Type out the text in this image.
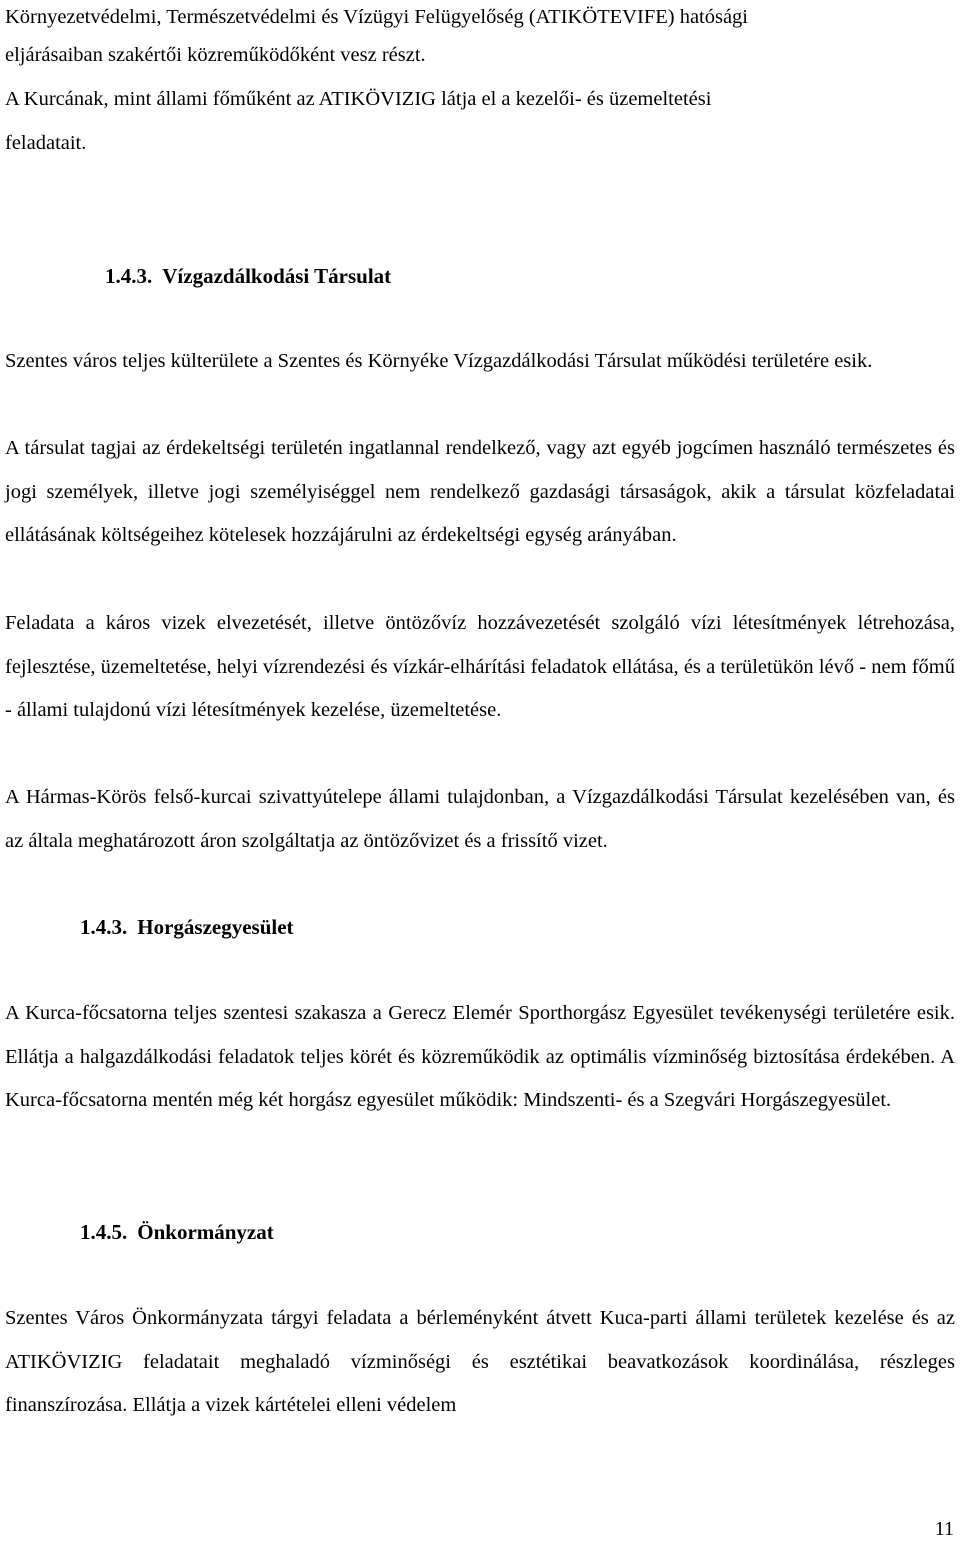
Környezetvédelmi, Természetvédelmi és Vízügyi Felügyelőség (ATIKÖTEVIFE) hatósági

eljárásaiban szakértői közreműködőként vesz részt.

A Kurcának, mint állami főműként az ATIKÖVIZIG látja el a kezelői- és üzemeltetési

feladatait.

1.4.3. Vízgazdálkodási Társulat

Szentes város teljes külterülete a Szentes és Környéke Vízgazdálkodási Társulat működési területére esik.

A társulat tagjai az érdekeltségi területén ingatlannal rendelkező, vagy azt egyéb jogcímen használó természetes és jogi személyek, illetve jogi személyiséggel nem rendelkező gazdasági társaságok, akik a társulat közfeladatai ellátásának költségeihez kötelesek hozzájárulni az érdekeltségi egység arányában.

Feladata a káros vizek elvezetését, illetve öntözővíz hozzávezetését szolgáló vízi létesítmények létrehozása, fejlesztése, üzemeltetése, helyi vízrendezési és vízkár-elhárítási feladatok ellátása, és a területükön lévő - nem főmű - állami tulajdonú vízi létesítmények kezelése, üzemeltetése.

A Hármas-Körös felső-kurcai szivattyútelepe állami tulajdonban, a Vízgazdálkodási Társulat kezelésében van, és az általa meghatározott áron szolgáltatja az öntözővizet és a frissítő vizet.

1.4.3. Horgászegyesület

A Kurca-főcsatorna teljes szentesi szakasza a Gerecz Elemér Sporthorgász Egyesület tevékenységi területére esik. Ellátja a halgazdálkodási feladatok teljes körét és közreműködik az optimális vízminőség biztosítása érdekében. A Kurca-főcsatorna mentén még két horgász egyesület működik: Mindszenti- és a Szegvári Horgászegyesület.

1.4.5. Önkormányzat

Szentes Város Önkormányzata tárgyi feladata a bérleményként átvett Kuca-parti állami területek kezelése és az ATIKÖVIZIG feladatait meghaladó vízminőségi és esztétikai beavatkozások koordinálása, részleges finanszírozása. Ellátja a vizek kártételei elleni védelem

11
